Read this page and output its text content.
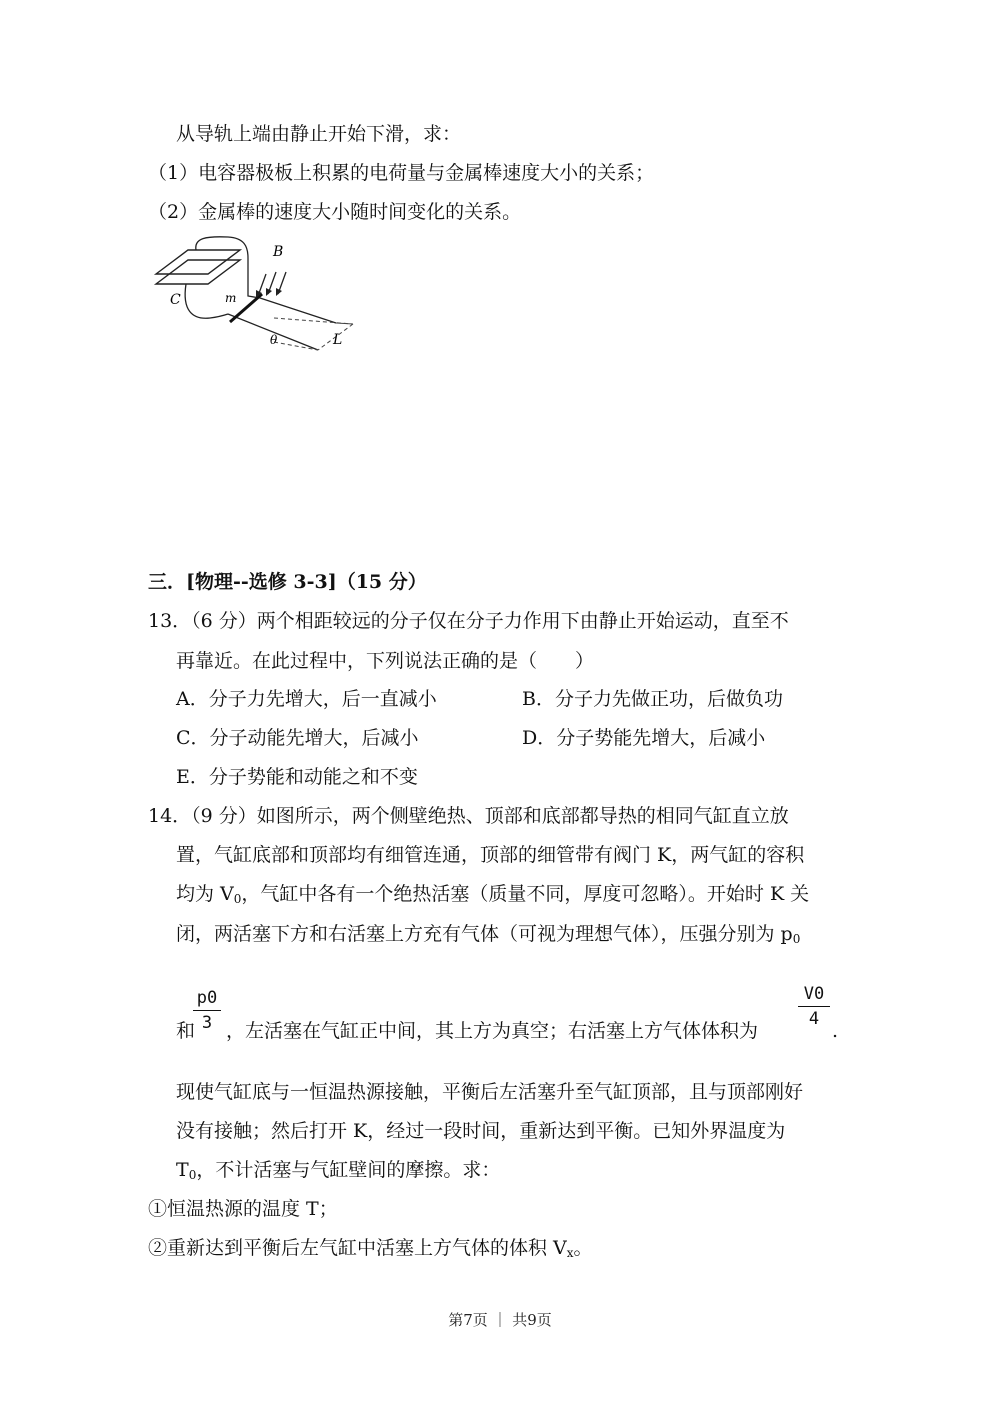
从导轨上端由静止开始下滑，求：
（1）电容器极板上积累的电荷量与金属棒速度大小的关系；
（2）金属棒的速度大小随时间变化的关系。
C	m
B
θ	L
三．[物理--选修 3-3]（15 分）
13．（6 分）两个相距较远的分子仅在分子力作用下由静止开始运动，直至不
再靠近。在此过程中，下列说法正确的是（　　）
A．分子力先增大，后一直减小	B．分子力先做正功，后做负功
C．分子动能先增大，后减小	D．分子势能先增大，后减小
E．分子势能和动能之和不变
14．（9 分）如图所示，两个侧壁绝热、顶部和底部都导热的相同气缸直立放
置，气缸底部和顶部均有细管连通，顶部的细管带有阀门 K，两气缸的容积
均为 $V_0$，气缸中各有一个绝热活塞（质量不同，厚度可忽略）。开始时 K 关
闭，两活塞下方和右活塞上方充有气体（可视为理想气体），压强分别为 $p_0$
p0
3
V0
4
和 ，左活塞在气缸正中间，其上方为真空；右活塞上方气体体积为	.
现使气缸底与一恒温热源接触，平衡后左活塞升至气缸顶部，且与顶部刚好
没有接触；然后打开 K，经过一段时间，重新达到平衡。已知外界温度为
$T_0$，不计活塞与气缸壁间的摩擦。求：
①恒温热源的温度 T；
②重新达到平衡后左气缸中活塞上方气体的体积 $V_x$。
第7页 ｜ 共9页
